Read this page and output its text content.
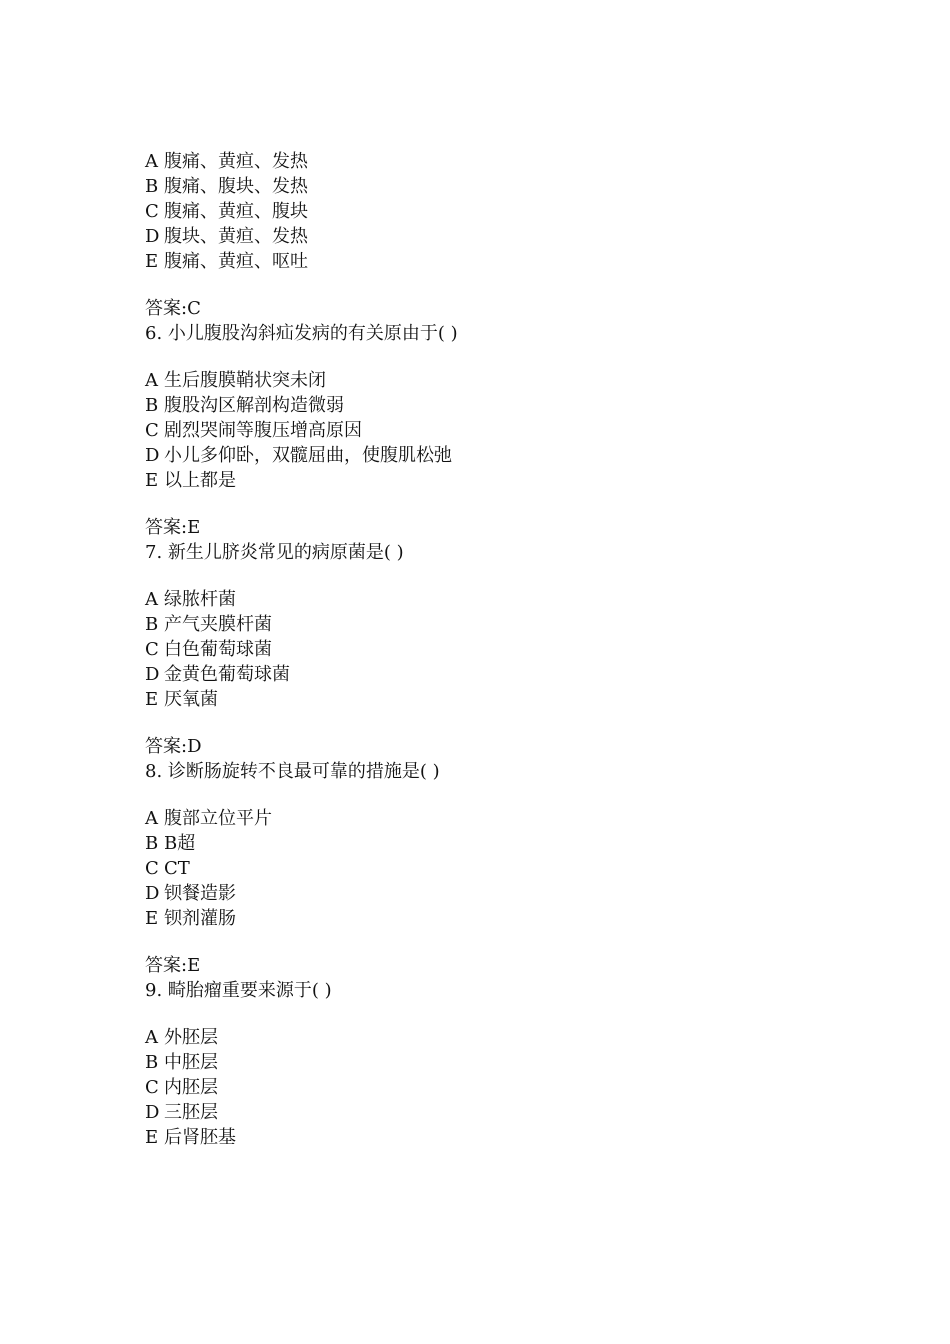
A 腹痛、黄疸、发热
B 腹痛、腹块、发热
C 腹痛、黄疸、腹块
D 腹块、黄疸、发热
E 腹痛、黄疸、呕吐
答案:C
6. 小儿腹股沟斜疝发病的有关原由于( )
A 生后腹膜鞘状突未闭
B 腹股沟区解剖构造微弱
C 剧烈哭闹等腹压增高原因
D 小儿多仰卧，双髋屈曲，使腹肌松弛
E 以上都是
答案:E
7. 新生儿脐炎常见的病原菌是( )
A 绿脓杆菌
B 产气夹膜杆菌
C 白色葡萄球菌
D 金黄色葡萄球菌
E 厌氧菌
答案:D
8. 诊断肠旋转不良最可靠的措施是( )
A 腹部立位平片
B B超
C CT
D 钡餐造影
E 钡剂灌肠
答案:E
9. 畸胎瘤重要来源于( )
A 外胚层
B 中胚层
C 内胚层
D 三胚层
E 后肾胚基
